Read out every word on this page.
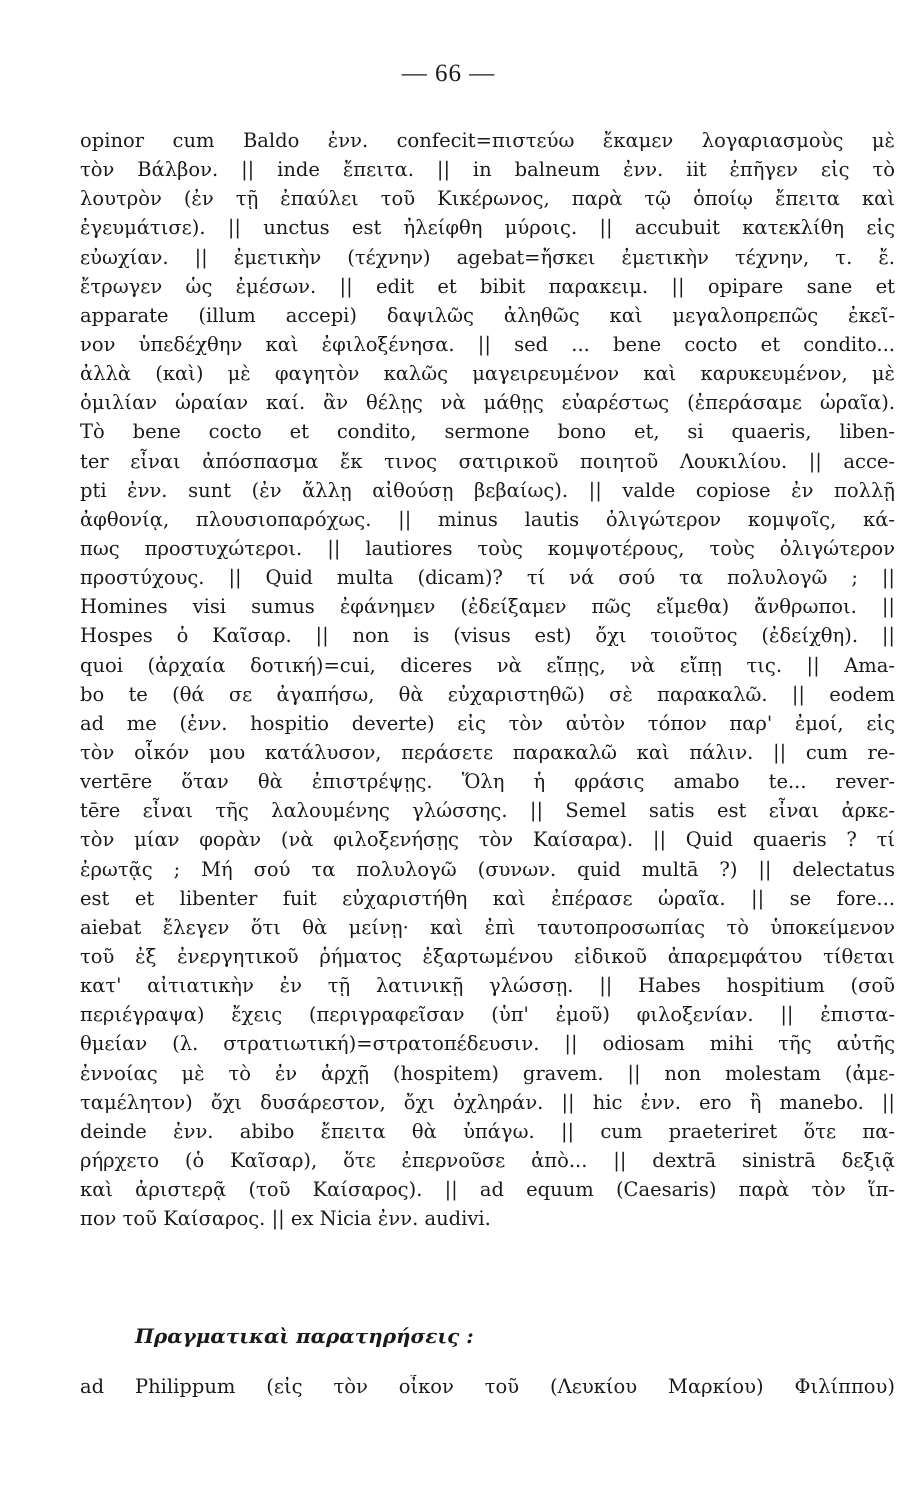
— 66 —
opinor cum Baldo ἐνν. confecit=πιστεύω ἔκαμεν λογαριασμοὺς μὲ
τὸν Βάλβον. || inde ἔπειτα. || in balneum ἐνν. iit ἐπῆγεν εἰς τὸ
λουτρὸν (ἐν τῇ ἐπαύλει τοῦ Κικέρωνος, παρὰ τῷ ὁποίῳ ἔπειτα καὶ
ἐγευμάτισε). || unctus est ἠλείφθη μύροις. || accubuit κατεκλίθη εἰς
εὐωχίαν. || ἐμετικὴν (τέχνην) agebat=ἤσκει ἐμετικὴν τέχνην, τ. ἔ.
ἔτρωγεν ὡς ἐμέσων. || edit et bibit παρακειμ. || opipare sane et
apparate (illum accepi) δαψιλῶς ἀληθῶς καὶ μεγαλοπρεπῶς ἐκεῖ-
νον ὑπεδέχθην καὶ ἐφιλοξένησα. || sed ... bene cocto et condito...
ἀλλὰ (καὶ) μὲ φαγητὸν καλῶς μαγειρευμένον καὶ καρυκευμένον, μὲ
ὁμιλίαν ὡραίαν καί. ἂν θέλῃς νὰ μάθῃς εὐαρέστως (ἐπεράσαμε ὡραῖα).
Τὸ bene cocto et condito, sermone bono et, si quaeris, liben-
ter εἶναι ἀπόσπασμα ἔκ τινος σατιρικοῦ ποιητοῦ Λουκιλίου. || acce-
pti ἐνν. sunt (ἐν ἄλλῃ αἰθούσῃ βεβαίως). || valde copiose ἐν πολλῇ
ἀφθονίᾳ, πλουσιοπαρόχως. || minus lautis ὀλιγώτερον κομψοῖς, κά-
πως προστυχώτεροι. || lautiores τοὺς κομψοτέρους, τοὺς ὀλιγώτερον
προστύχους. || Quid multa (dicam)? τί νά σού τα πολυλογῶ ; ||
Homines visi sumus ἐφάνημεν (ἐδείξαμεν πῶς εἴμεθα) ἄνθρωποι. ||
Hospes ὁ Καῖσαρ. || non is (visus est) ὄχι τοιοῦτος (ἐδείχθη). ||
quoi (ἀρχαία δοτική)=cui, diceres νὰ εἴπῃς, νὰ εἴπῃ τις. || Ama-
bo te (θά σε ἀγαπήσω, θὰ εὐχαριστηθῶ) σὲ παρακαλῶ. || eodem
ad me (ἐνν. hospitio deverte) εἰς τὸν αὐτὸν τόπον παρ' ἐμοί, εἰς
τὸν οἶκόν μου κατάλυσον, περάσετε παρακαλῶ καὶ πάλιν. || cum re-
vertēre ὅταν θὰ ἐπιστρέψῃς. Ὅλη ἡ φράσις amabo te... rever-
tēre εἶναι τῆς λαλουμένης γλώσσης. || Semel satis est εἶναι ἀρκε-
τὸν μίαν φορὰν (νὰ φιλοξενήσῃς τὸν Καίσαρα). || Quid quaeris ? τί
ἐρωτᾷς ; Μή σού τα πολυλογῶ (συνων. quid multā ?) || delectatus
est et libenter fuit εὐχαριστήθη καὶ ἐπέρασε ὡραῖα. || se fore...
aiebat ἔλεγεν ὅτι θὰ μείνῃ· καὶ ἐπὶ ταυτοπροσωπίας τὸ ὑποκείμενον
τοῦ ἐξ ἐνεργητικοῦ ῥήματος ἐξαρτωμένου εἰδικοῦ ἀπαρεμφάτου τίθεται
κατ' αἰτιατικὴν ἐν τῇ λατινικῇ γλώσσῃ. || Habes hospitium (σοῦ
περιέγραψα) ἔχεις (περιγραφεῖσαν (ὑπ' ἐμοῦ) φιλοξενίαν. || ἐπιστα-
θμείαν (λ. στρατιωτική)=στρατοπέδευσιν. || odiosam mihi τῆς αὐτῆς
ἐννοίας μὲ τὸ ἐν ἀρχῇ (hospitem) gravem. || non molestam (ἀμε-
ταμέλητον) ὄχι δυσάρεστον, ὄχι ὀχληράν. || hic ἐνν. ero ἢ manebo. ||
deinde ἐνν. abibo ἔπειτα θὰ ὑπάγω. || cum praeteriret ὅτε πα-
ρήρχετο (ὁ Καῖσαρ), ὅτε ἐπερνοῦσε ἀπὸ... || dextrā sinistrā δεξιᾷ
καὶ ἀριστερᾷ (τοῦ Καίσαρος). || ad equum (Caesaris) παρὰ τὸν ἵπ-
πον τοῦ Καίσαρος. || ex Nicia ἐνν. audivi.
Πραγματικαὶ παρατηρήσεις :
ad Philippum (εἰς τὸν οἶκον τοῦ (Λευκίου Μαρκίου) Φιλίππου)
